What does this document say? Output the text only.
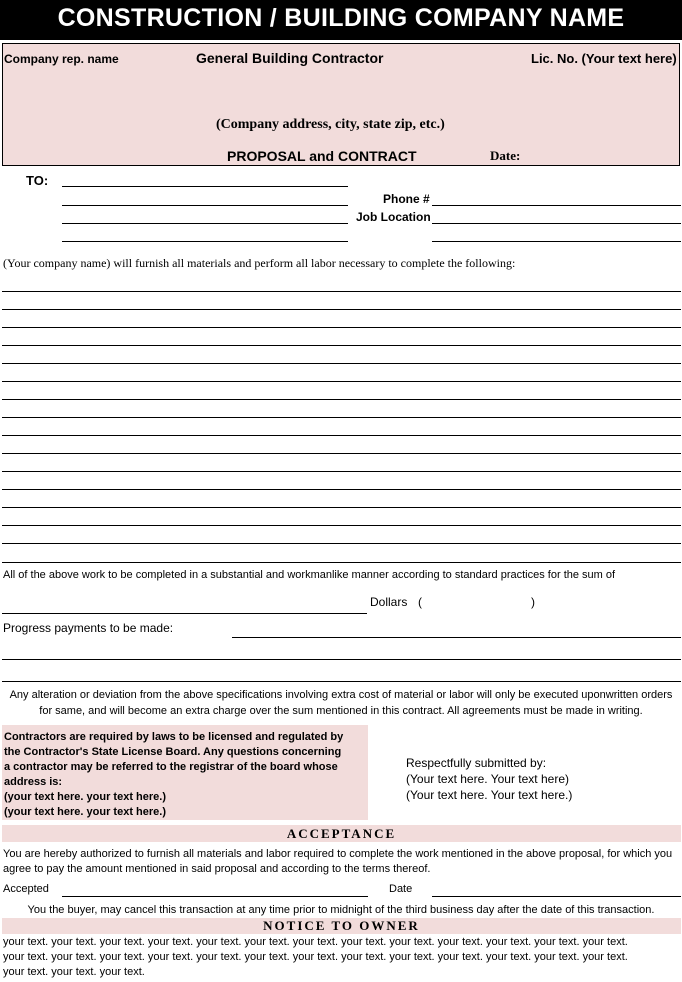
CONSTRUCTION / BUILDING COMPANY NAME
Company rep. name	General Building Contractor	Lic. No. (Your text here)
(Company address, city, state zip, etc.)
PROPOSAL and CONTRACT	Date:
TO:
Phone #
Job Location
(Your company name) will furnish all materials and perform all labor necessary to complete the following:
All of the above work to be completed in a substantial and workmanlike manner according to standard practices for the sum of
Dollars (	)
Progress payments to be made:
Any alteration or deviation from the above specifications involving extra cost of material or labor will only be executed uponwritten orders
for same, and will become an extra charge over the sum mentioned in this contract. All agreements must be made in writing.
Contractors are required by laws to be licensed and regulated by
the Contractor's State License Board. Any questions concerning
a contractor may be referred to the registrar of the board whose
address is:
(your text here. your text here.)
(your text here. your text here.)
Respectfully submitted by:
(Your text here. Your text here)
(Your text here. Your text here.)
ACCEPTANCE
You are hereby authorized to furnish all materials and labor required to complete the work mentioned in the above proposal, for which you
agree to pay the amount mentioned in said proposal and according to the terms thereof.
Accepted	Date
You the buyer, may cancel this transaction at any time prior to midnight of the third business day after the date of this transaction.
NOTICE TO OWNER
your text. your text. your text. your text. your text. your text. your text. your text. your text. your text. your text. your text. your text.
your text. your text. your text. your text. your text. your text. your text. your text. your text. your text. your text. your text. your text.
your text. your text. your text.
